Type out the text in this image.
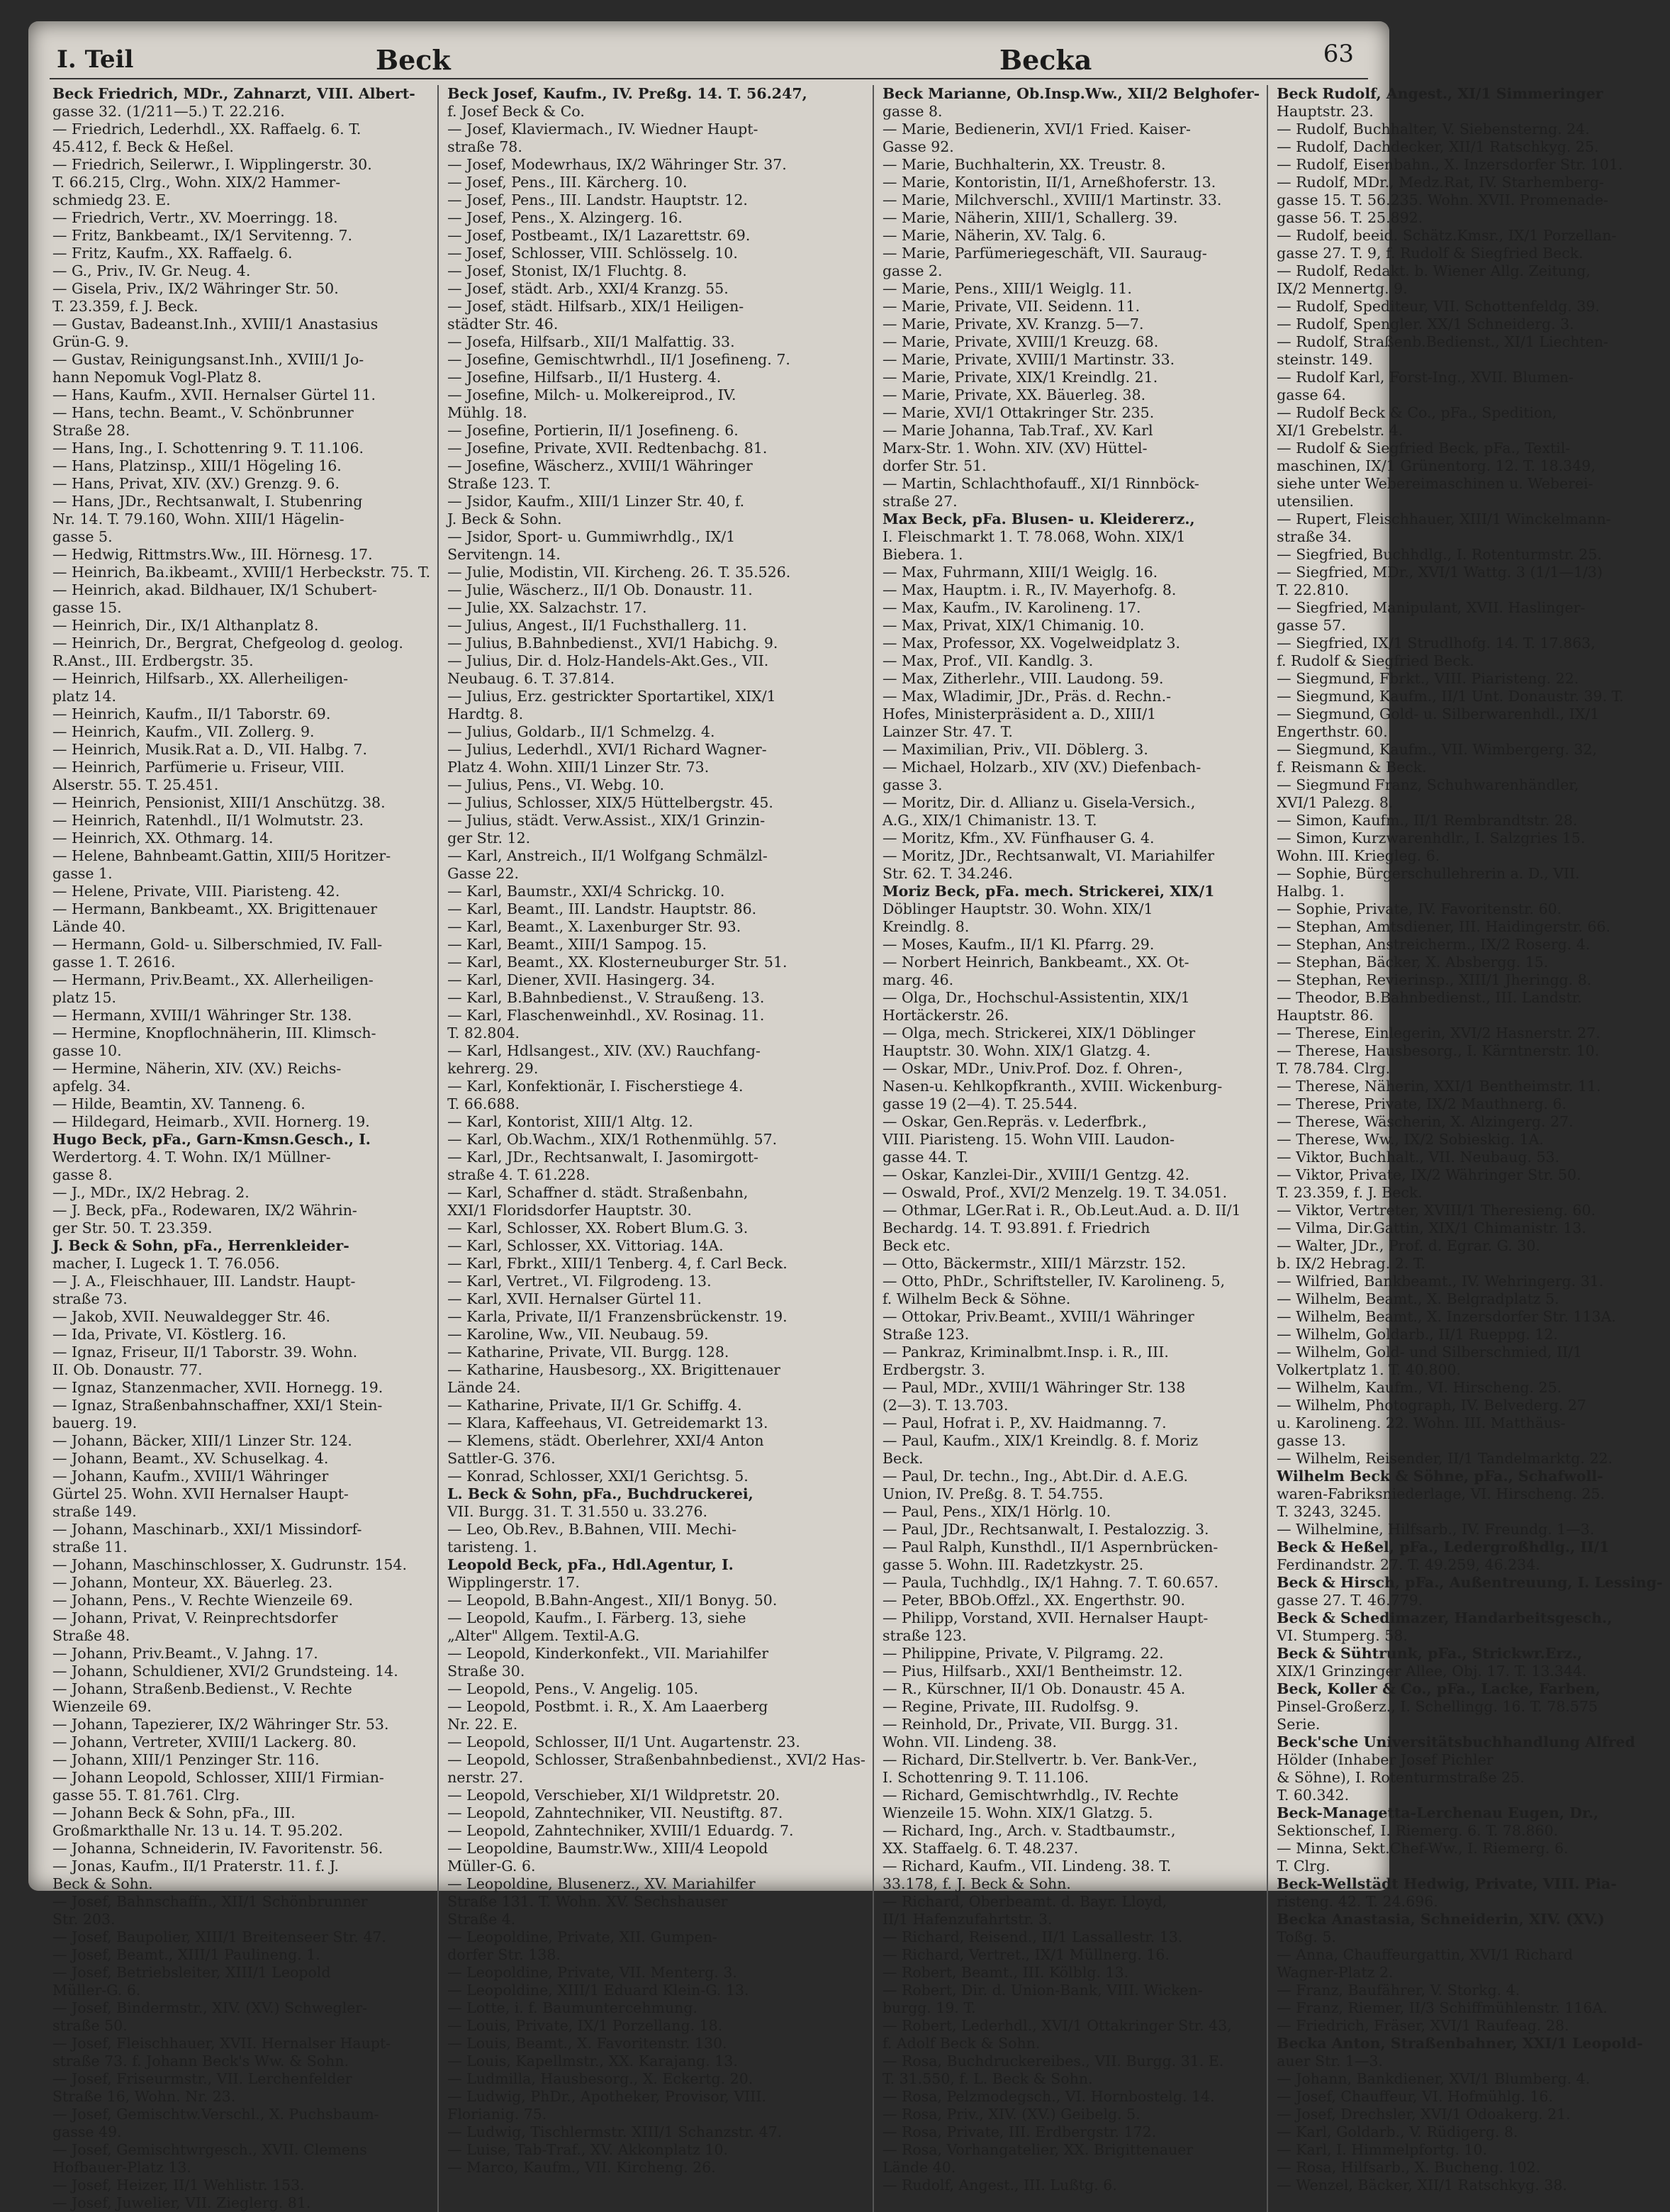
I. Teil	Beck	Becka	63
Beck Friedrich, MDr., Zahnarzt, VIII. Albert-
gasse 32. (1/211—5.) T. 22.216.
— Friedrich, Lederhdl., XX. Raffaelg. 6. T.
45.412, f. Beck & Heßel.
— Friedrich, Seilerwr., I. Wipplingerstr. 30.
T. 66.215, Clrg., Wohn. XIX/2 Hammer-
schmiedg 23. E.
— Friedrich, Vertr., XV. Moerringg. 18.
— Fritz, Bankbeamt., IX/1 Servitenng. 7.
— Fritz, Kaufm., XX. Raffaelg. 6.
— G., Priv., IV. Gr. Neug. 4.
— Gisela, Priv., IX/2 Währinger Str. 50.
T. 23.359, f. J. Beck.
— Gustav, Badeanst.Inh., XVIII/1 Anastasius
Grün-G. 9.
— Gustav, Reinigungsanst.Inh., XVIII/1 Jo-
hann Nepomuk Vogl-Platz 8.
— Hans, Kaufm., XVII. Hernalser Gürtel 11.
— Hans, techn. Beamt., V. Schönbrunner
Straße 28.
— Hans, Ing., I. Schottenring 9. T. 11.106.
— Hans, Platzinsp., XIII/1 Högeling 16.
— Hans, Privat, XIV. (XV.) Grenzg. 9. 6.
— Hans, JDr., Rechtsanwalt, I. Stubenring
Nr. 14. T. 79.160, Wohn. XIII/1 Hägelin-
gasse 5.
— Hedwig, Rittmstrs.Ww., III. Hörnesg. 17.
— Heinrich, Ba.ikbeamt., XVIII/1 Herbeckstr. 75. T.
— Heinrich, akad. Bildhauer, IX/1 Schubert-
gasse 15.
— Heinrich, Dir., IX/1 Althanplatz 8.
— Heinrich, Dr., Bergrat, Chefgeolog d. geolog.
R.Anst., III. Erdbergstr. 35.
— Heinrich, Hilfsarb., XX. Allerheiligen-
platz 14.
— Heinrich, Kaufm., II/1 Taborstr. 69.
— Heinrich, Kaufm., VII. Zollerg. 9.
— Heinrich, Musik.Rat a. D., VII. Halbg. 7.
— Heinrich, Parfümerie u. Friseur, VIII.
Alserstr. 55. T. 25.451.
— Heinrich, Pensionist, XIII/1 Anschützg. 38.
— Heinrich, Ratenhdl., II/1 Wolmutstr. 23.
— Heinrich, XX. Othmarg. 14.
— Helene, Bahnbeamt.Gattin, XIII/5 Horitzer-
gasse 1.
— Helene, Private, VIII. Piaristeng. 42.
— Hermann, Bankbeamt., XX. Brigittenauer
Lände 40.
— Hermann, Gold- u. Silberschmied, IV. Fall-
gasse 1. T. 2616.
— Hermann, Priv.Beamt., XX. Allerheiligen-
platz 15.
— Hermann, XVIII/1 Währinger Str. 138.
— Hermine, Knopflochnäherin, III. Klimsch-
gasse 10.
— Hermine, Näherin, XIV. (XV.) Reichs-
apfelg. 34.
— Hilde, Beamtin, XV. Tanneng. 6.
— Hildegard, Heimarb., XVII. Hornerg. 19.
Hugo Beck, pFa., Garn-Kmsn.Gesch., I.
Werdertorg. 4. T. Wohn. IX/1 Müllner-
gasse 8.
— J., MDr., IX/2 Hebrag. 2.
— J. Beck, pFa., Rodewaren, IX/2 Währin-
ger Str. 50. T. 23.359.
J. Beck & Sohn, pFa., Herrenkleider-
macher, I. Lugeck 1. T. 76.056.
— J. A., Fleischhauer, III. Landstr. Haupt-
straße 73.
— Jakob, XVII. Neuwaldegger Str. 46.
— Ida, Private, VI. Köstlerg. 16.
— Ignaz, Friseur, II/1 Taborstr. 39. Wohn.
II. Ob. Donaustr. 77.
— Ignaz, Stanzenmacher, XVII. Hornegg. 19.
— Ignaz, Straßenbahnschaffner, XXI/1 Stein-
bauerg. 19.
— Johann, Bäcker, XIII/1 Linzer Str. 124.
— Johann, Beamt., XV. Schuselkag. 4.
— Johann, Kaufm., XVIII/1 Währinger
Gürtel 25. Wohn. XVII Hernalser Haupt-
straße 149.
— Johann, Maschinarb., XXI/1 Missindorf-
straße 11.
— Johann, Maschinschlosser, X. Gudrunstr. 154.
— Johann, Monteur, XX. Bäuerleg. 23.
— Johann, Pens., V. Rechte Wienzeile 69.
— Johann, Privat, V. Reinprechtsdorfer
Straße 48.
— Johann, Priv.Beamt., V. Jahng. 17.
— Johann, Schuldiener, XVI/2 Grundsteing. 14.
— Johann, Straßenb.Bedienst., V. Rechte
Wienzeile 69.
— Johann, Tapezierer, IX/2 Währinger Str. 53.
— Johann, Vertreter, XVIII/1 Lackerg. 80.
— Johann, XIII/1 Penzinger Str. 116.
— Johann Leopold, Schlosser, XIII/1 Firmian-
gasse 55. T. 81.761. Clrg.
— Johann Beck & Sohn, pFa., III.
Großmarkthalle Nr. 13 u. 14. T. 95.202.
— Johanna, Schneiderin, IV. Favoritenstr. 56.
— Jonas, Kaufm., II/1 Praterstr. 11. f. J.
Beck & Sohn.
— Josef, Bahnschaffn., XII/1 Schönbrunner
Str. 203.
— Josef, Baupolier, XIII/1 Breitenseer Str. 47.
— Josef, Beamt., XIII/1 Paulineng. 1.
— Josef, Betriebsleiter, XIII/1 Leopold
Müller-G. 6.
— Josef, Bindermstr., XIV. (XV.) Schwegler-
straße 50.
— Josef, Fleischhauer, XVII. Hernalser Haupt-
straße 73. f. Johann Beck's Ww. & Sohn.
— Josef, Friseurmstr., VII. Lerchenfelder
Straße 16, Wohn. Nr. 23.
— Josef, Gemischtw.Verschl., X. Puchsbaum-
gasse 49.
— Josef, Gemischtwrgesch., XVII. Clemens
Hofbauer-Platz 13.
— Josef, Heizer, II/1 Wehlistr. 153.
— Josef, Juwelier, VII. Zieglerg. 81.
Beck Josef, Kaufm., IV. Preßg. 14. T. 56.247,
f. Josef Beck & Co.
— Josef, Klaviermach., IV. Wiedner Haupt-
straße 78.
— Josef, Modewrhaus, IX/2 Währinger Str. 37.
— Josef, Pens., III. Kärcherg. 10.
— Josef, Pens., III. Landstr. Hauptstr. 12.
— Josef, Pens., X. Alzingerg. 16.
— Josef, Postbeamt., IX/1 Lazarettstr. 69.
— Josef, Schlosser, VIII. Schlösselg. 10.
— Josef, Stonist, IX/1 Fluchtg. 8.
— Josef, städt. Arb., XXI/4 Kranzg. 55.
— Josef, städt. Hilfsarb., XIX/1 Heiligen-
städter Str. 46.
— Josefa, Hilfsarb., XII/1 Malfattig. 33.
— Josefine, Gemischtwrhdl., II/1 Josefineng. 7.
— Josefine, Hilfsarb., II/1 Husterg. 4.
— Josefine, Milch- u. Molkereiprod., IV.
Mühlg. 18.
— Josefine, Portierin, II/1 Josefineng. 6.
— Josefine, Private, XVII. Redtenbachg. 81.
— Josefine, Wäscherz., XVIII/1 Währinger
Straße 123. T.
— Jsidor, Kaufm., XIII/1 Linzer Str. 40, f.
J. Beck & Sohn.
— Jsidor, Sport- u. Gummiwrhdlg., IX/1
Servitengn. 14.
— Julie, Modistin, VII. Kircheng. 26. T. 35.526.
— Julie, Wäscherz., II/1 Ob. Donaustr. 11.
— Julie, XX. Salzachstr. 17.
— Julius, Angest., II/1 Fuchsthallerg. 11.
— Julius, B.Bahnbedienst., XVI/1 Habichg. 9.
— Julius, Dir. d. Holz-Handels-Akt.Ges., VII.
Neubaug. 6. T. 37.814.
— Julius, Erz. gestrickter Sportartikel, XIX/1
Hardtg. 8.
— Julius, Goldarb., II/1 Schmelzg. 4.
— Julius, Lederhdl., XVI/1 Richard Wagner-
Platz 4. Wohn. XIII/1 Linzer Str. 73.
— Julius, Pens., VI. Webg. 10.
— Julius, Schlosser, XIX/5 Hüttelbergstr. 45.
— Julius, städt. Verw.Assist., XIX/1 Grinzin-
ger Str. 12.
— Karl, Anstreich., II/1 Wolfgang Schmälzl-
Gasse 22.
— Karl, Baumstr., XXI/4 Schrickg. 10.
— Karl, Beamt., III. Landstr. Hauptstr. 86.
— Karl, Beamt., X. Laxenburger Str. 93.
— Karl, Beamt., XIII/1 Sampog. 15.
— Karl, Beamt., XX. Klosterneuburger Str. 51.
— Karl, Diener, XVII. Hasingerg. 34.
— Karl, B.Bahnbedienst., V. Straußeng. 13.
— Karl, Flaschenweinhdl., XV. Rosinag. 11.
T. 82.804.
— Karl, Hdlsangest., XIV. (XV.) Rauchfang-
kehrerg. 29.
— Karl, Konfektionär, I. Fischerstiege 4.
T. 66.688.
— Karl, Kontorist, XIII/1 Altg. 12.
— Karl, Ob.Wachm., XIX/1 Rothenmühlg. 57.
— Karl, JDr., Rechtsanwalt, I. Jasomirgott-
straße 4. T. 61.228.
— Karl, Schaffner d. städt. Straßenbahn,
XXI/1 Floridsdorfer Hauptstr. 30.
— Karl, Schlosser, XX. Robert Blum.G. 3.
— Karl, Schlosser, XX. Vittoriag. 14A.
— Karl, Fbrkt., XIII/1 Tenberg. 4, f. Carl Beck.
— Karl, Vertret., VI. Filgrodeng. 13.
— Karl, XVII. Hernalser Gürtel 11.
— Karla, Private, II/1 Franzensbrückenstr. 19.
— Karoline, Ww., VII. Neubaug. 59.
— Katharine, Private, VII. Burgg. 128.
— Katharine, Hausbesorg., XX. Brigittenauer
Lände 24.
— Katharine, Private, II/1 Gr. Schiffg. 4.
— Klara, Kaffeehaus, VI. Getreidemarkt 13.
— Klemens, städt. Oberlehrer, XXI/4 Anton
Sattler-G. 376.
— Konrad, Schlosser, XXI/1 Gerichtsg. 5.
L. Beck & Sohn, pFa., Buchdruckerei,
VII. Burgg. 31. T. 31.550 u. 33.276.
— Leo, Ob.Rev., B.Bahnen, VIII. Mechi-
taristeng. 1.
Leopold Beck, pFa., Hdl.Agentur, I.
Wipplingerstr. 17.
— Leopold, B.Bahn-Angest., XII/1 Bonyg. 50.
— Leopold, Kaufm., I. Färberg. 13, siehe
„Alter" Allgem. Textil-A.G.
— Leopold, Kinderkonfekt., VII. Mariahilfer
Straße 30.
— Leopold, Pens., V. Angelig. 105.
— Leopold, Postbmt. i. R., X. Am Laaerberg
Nr. 22. E.
— Leopold, Schlosser, II/1 Unt. Augartenstr. 23.
— Leopold, Schlosser, Straßenbahnbedienst., XVI/2 Has-
nerstr. 27.
— Leopold, Verschieber, XI/1 Wildpretstr. 20.
— Leopold, Zahntechniker, VII. Neustiftg. 87.
— Leopold, Zahntechniker, XVIII/1 Eduardg. 7.
— Leopoldine, Baumstr.Ww., XIII/4 Leopold
Müller-G. 6.
— Leopoldine, Blusenerz., XV. Mariahilfer
Straße 131. T. Wohn. XV. Sechshauser
Straße 4.
— Leopoldine, Private, XII. Gumpen-
dorfer Str. 138.
— Leopoldine, Private, VII. Menterg. 3.
— Leopoldine, XIII/1 Eduard Klein-G. 13.
— Lotte, i. f. Baumuntercehmung.
— Louis, Private, IX/1 Porzellang. 18.
— Louis, Beamt., X. Favoritenstr. 130.
— Louis, Kapellmstr., XX. Karajang. 13.
— Ludmilla, Hausbesorg., X. Eckertg. 20.
— Ludwig, PhDr., Apotheker, Provisor, VIII.
Florianig. 75.
— Ludwig, Tischlermstr. XIII/1 Schanzstr. 47.
— Luise, Tab-Traf., XV. Akkonplatz 10.
— Marco, Kaufm., VII. Kircheng. 26.
Beck Marianne, Ob.Insp.Ww., XII/2 Belghofer-
gasse 8.
— Marie, Bedienerin, XVI/1 Fried. Kaiser-
Gasse 92.
— Marie, Buchhalterin, XX. Treustr. 8.
— Marie, Kontoristin, II/1, Arneßhoferstr. 13.
— Marie, Milchverschl., XVIII/1 Martinstr. 33.
— Marie, Näherin, XIII/1, Schallerg. 39.
— Marie, Näherin, XV. Talg. 6.
— Marie, Parfümeriegeschäft, VII. Sauraug-
gasse 2.
— Marie, Pens., XIII/1 Weiglg. 11.
— Marie, Private, VII. Seidenn. 11.
— Marie, Private, XV. Kranzg. 5—7.
— Marie, Private, XVIII/1 Kreuzg. 68.
— Marie, Private, XVIII/1 Martinstr. 33.
— Marie, Private, XIX/1 Kreindlg. 21.
— Marie, Private, XX. Bäuerleg. 38.
— Marie, XVI/1 Ottakringer Str. 235.
— Marie Johanna, Tab.Traf., XV. Karl
Marx-Str. 1. Wohn. XIV. (XV) Hüttel-
dorfer Str. 51.
— Martin, Schlachthofauff., XI/1 Rinnböck-
straße 27.
Max Beck, pFa. Blusen- u. Kleidererz.,
I. Fleischmarkt 1. T. 78.068, Wohn. XIX/1
Biebera. 1.
— Max, Fuhrmann, XIII/1 Weiglg. 16.
— Max, Hauptm. i. R., IV. Mayerhofg. 8.
— Max, Kaufm., IV. Karolineng. 17.
— Max, Privat, XIX/1 Chimanig. 10.
— Max, Professor, XX. Vogelweidplatz 3.
— Max, Prof., VII. Kandlg. 3.
— Max, Zitherlehr., VIII. Laudong. 59.
— Max, Wladimir, JDr., Präs. d. Rechn.-
Hofes, Ministerpräsident a. D., XIII/1
Lainzer Str. 47. T.
— Maximilian, Priv., VII. Döblerg. 3.
— Michael, Holzarb., XIV (XV.) Diefenbach-
gasse 3.
— Moritz, Dir. d. Allianz u. Gisela-Versich.,
A.G., XIX/1 Chimanistr. 13. T.
— Moritz, Kfm., XV. Fünfhauser G. 4.
— Moritz, JDr., Rechtsanwalt, VI. Mariahilfer
Str. 62. T. 34.246.
Moriz Beck, pFa. mech. Strickerei, XIX/1
Döblinger Hauptstr. 30. Wohn. XIX/1
Kreindlg. 8.
— Moses, Kaufm., II/1 Kl. Pfarrg. 29.
— Norbert Heinrich, Bankbeamt., XX. Ot-
marg. 46.
— Olga, Dr., Hochschul-Assistentin, XIX/1
Hortäckerstr. 26.
— Olga, mech. Strickerei, XIX/1 Döblinger
Hauptstr. 30. Wohn. XIX/1 Glatzg. 4.
— Oskar, MDr., Univ.Prof. Doz. f. Ohren-,
Nasen-u. Kehlkopfkranth., XVIII. Wickenburg-
gasse 19 (2—4). T. 25.544.
— Oskar, Gen.Repräs. v. Lederfbrk.,
VIII. Piaristeng. 15. Wohn VIII. Laudon-
gasse 44. T.
— Oskar, Kanzlei-Dir., XVIII/1 Gentzg. 42.
— Oswald, Prof., XVI/2 Menzelg. 19. T. 34.051.
— Othmar, LGer.Rat i. R., Ob.Leut.Aud. a. D. II/1
Bechardg. 14. T. 93.891. f. Friedrich
Beck etc.
— Otto, Bäckermstr., XIII/1 Märzstr. 152.
— Otto, PhDr., Schriftsteller, IV. Karolineng. 5,
f. Wilhelm Beck & Söhne.
— Ottokar, Priv.Beamt., XVIII/1 Währinger
Straße 123.
— Pankraz, Kriminalbmt.Insp. i. R., III.
Erdbergstr. 3.
— Paul, MDr., XVIII/1 Währinger Str. 138
(2—3). T. 13.703.
— Paul, Hofrat i. P., XV. Haidmanng. 7.
— Paul, Kaufm., XIX/1 Kreindlg. 8. f. Moriz
Beck.
— Paul, Dr. techn., Ing., Abt.Dir. d. A.E.G.
Union, IV. Preßg. 8. T. 54.755.
— Paul, Pens., XIX/1 Hörlg. 10.
— Paul, JDr., Rechtsanwalt, I. Pestalozzig. 3.
— Paul Ralph, Kunsthdl., II/1 Aspernbrücken-
gasse 5. Wohn. III. Radetzkystr. 25.
— Paula, Tuchhdlg., IX/1 Hahng. 7. T. 60.657.
— Peter, BBOb.Offzl., XX. Engerthstr. 90.
— Philipp, Vorstand, XVII. Hernalser Haupt-
straße 123.
— Philippine, Private, V. Pilgramg. 22.
— Pius, Hilfsarb., XXI/1 Bentheimstr. 12.
— R., Kürschner, II/1 Ob. Donaustr. 45 A.
— Regine, Private, III. Rudolfsg. 9.
— Reinhold, Dr., Private, VII. Burgg. 31.
Wohn. VII. Lindeng. 38.
— Richard, Dir.Stellvertr. b. Ver. Bank-Ver.,
I. Schottenring 9. T. 11.106.
— Richard, Gemischtwrhdlg., IV. Rechte
Wienzeile 15. Wohn. XIX/1 Glatzg. 5.
— Richard, Ing., Arch. v. Stadtbaumstr.,
XX. Staffaelg. 6. T. 48.237.
— Richard, Kaufm., VII. Lindeng. 38. T.
33.178, f. J. Beck & Sohn.
— Richard, Oberbeamt. d. Bayr. Lloyd,
II/1 Hafenzufahrtstr. 3.
— Richard, Reisend., II/1 Lassallestr. 13.
— Richard, Vertret., IX/1 Müllnerg. 16.
— Robert, Beamt., III. Kölblg. 13.
— Robert, Dir. d. Union-Bank, VIII. Wicken-
burgg. 19. T.
— Robert, Lederhdl., XVI/1 Ottakringer Str. 43,
f. Adolf Beck & Sohn.
— Rosa, Buchdruckereibes., VII. Burgg. 31. E.
T. 31.550, f. L. Beck & Sohn.
— Rosa, Pelzmodegsch., VI. Hornbostelg. 14.
— Rosa, Priv., XIV. (XV.) Geibelg. 5.
— Rosa, Private, III. Erdbergstr. 172.
— Rosa, Vorhangatelier, XX. Brigittenauer
Lände 40.
— Rudolf, Angest., III. Lußtg. 6.
Beck Rudolf, Angest., XI/1 Simmeringer
Hauptstr. 23.
— Rudolf, Buchhalter, V. Siebensterng. 24.
— Rudolf, Dachdecker, XII/1 Ratschkyg. 25.
— Rudolf, Eisenbahn., X. Inzersdorfer Str. 101.
— Rudolf, MDr., Medz.Rat, IV. Starhemberg-
gasse 15. T. 56.235. Wohn. XVII. Promenade-
gasse 56. T. 25.892.
— Rudolf, beeid. Schätz.Kmsr., IX/1 Porzellan-
gasse 27. T. 9, f. Rudolf & Siegfried Beck.
— Rudolf, Redakt. b. Wiener Allg. Zeitung,
IX/2 Mennertg. 9.
— Rudolf, Spediteur, VII. Schottenfeldg. 39.
— Rudolf, Spengler. XX/1 Schneiderg. 3.
— Rudolf, Straßenb.Bedienst., XI/1 Liechten-
steinstr. 149.
— Rudolf Karl, Forst-Ing., XVII. Blumen-
gasse 64.
— Rudolf Beck & Co., pFa., Spedition,
XI/1 Grebelstr. 4.
— Rudolf & Siegfried Beck, pFa., Textil-
maschinen, IX/1 Grünentorg. 12. T. 18.349,
siehe unter Webereimaschinen u. Weberei-
utensilien.
— Rupert, Fleischhauer, XIII/1 Winckelmann-
straße 34.
— Siegfried, Buchhdlg., I. Rotenturmstr. 25.
— Siegfried, MDr., XVI/1 Wattg. 3 (1/1—1/3)
T. 22.810.
— Siegfried, Manipulant, XVII. Haslinger-
gasse 57.
— Siegfried, IX/1 Strudlhofg. 14. T. 17.863,
f. Rudolf & Siegfried Beck.
— Siegmund, Fbrkt., VIII. Piaristeng. 22.
— Siegmund, Kaufm., II/1 Unt. Donaustr. 39. T.
— Siegmund, Gold- u. Silberwarenhdl., IX/1
Engerthstr. 60.
— Siegmund, Kaufm., VII. Wimbergerg. 32,
f. Reismann & Beck.
— Siegmund Franz, Schuhwarenhändler,
XVI/1 Palezg. 8.
— Simon, Kaufm., II/1 Rembrandtstr. 28.
— Simon, Kurzwarenhdlr., I. Salzgries 15.
Wohn. III. Kriegleg. 6.
— Sophie, Bürgerschullehrerin a. D., VII.
Halbg. 1.
— Sophie, Private, IV. Favoritenstr. 60.
— Stephan, Amtsdiener, III. Haidingerstr. 66.
— Stephan, Anstreicherm., IX/2 Roserg. 4.
— Stephan, Bäcker, X. Absbergg. 15.
— Stephan, Revierinsp., XIII/1 Jheringg. 8.
— Theodor, B.Bahnbedienst., III. Landstr.
Hauptstr. 86.
— Therese, Einlegerin, XVI/2 Hasnerstr. 27.
— Therese, Hausbesorg., I. Kärntnerstr. 10.
T. 78.784. Clrg.
— Therese, Näherin, XXI/1 Bentheimstr. 11.
— Therese, Private, IX/2 Mauthnerg. 6.
— Therese, Wäscherin, X. Alzingerg. 27.
— Therese, Ww., IX/2 Sobieskig. 1A.
— Viktor, Buchhalt., VII. Neubaug. 53.
— Viktor, Private, IX/2 Währinger Str. 50.
T. 23.359, f. J. Beck.
— Viktor, Vertreter, XVIII/1 Theresieng. 60.
— Vilma, Dir.Gattin, XIX/1 Chimanistr. 13.
— Walter, JDr., Prof. d. Egrar. G. 30.
b. IX/2 Hebrag. 2. T.
— Wilfried, Bankbeamt., IV. Wehringerg. 31.
— Wilhelm, Beamt., X. Belgradplatz 5.
— Wilhelm, Beamt., X. Inzersdorfer Str. 113A.
— Wilhelm, Goldarb., II/1 Rueppg. 12.
— Wilhelm, Gold- und Silberschmied, II/1
Volkertplatz 1. T. 40.800.
— Wilhelm, Kaufm., VI. Hirscheng. 25.
— Wilhelm, Photograph, IV. Belvederg. 27
u. Karolineng. 22. Wohn. III. Matthäus-
gasse 13.
— Wilhelm, Reisender, II/1 Tandelmarktg. 22.
Wilhelm Beck & Söhne, pFa., Schafwoll-
waren-Fabriksniederlage, VI. Hirscheng. 25.
T. 3243, 3245.
— Wilhelmine, Hilfsarb., IV. Freundg. 1—3.
Beck & Heßel, pFa., Ledergroßhdlg., II/1
Ferdinandstr. 27. T. 49.259, 46.234.
Beck & Hirsch, pFa., Außentreuung, I. Lessing-
gasse 27. T. 46.779.
Beck & Schedimazer, Handarbeitsgesch.,
VI. Stumperg. 58.
Beck & Sühtrunk, pFa., Strickwr.Erz.,
XIX/1 Grinzinger Allee, Obj. 17. T. 13.344.
Beck, Koller & Co., pFa., Lacke, Farben,
Pinsel-Großerz., I. Schellingg. 16. T. 78.575
Serie.
Beck'sche Universitätsbuchhandlung Alfred
Hölder (Inhaber Josef Pichler
& Söhne), I. Rotenturmstraße 25.
T. 60.342.
Beck-Managetta-Lerchenau Eugen, Dr.,
Sektionschef, I. Riemerg. 6. T. 78.860.
— Minna, Sekt.Chef-Ww., I. Riemerg. 6.
T. Clrg.
Beck-Wellstädt Hedwig, Private, VIII. Pia-
risteng. 42. T. 24.696.
Becka Anastasia, Schneiderin, XIV. (XV.)
Toßg. 5.
— Anna, Chauffeurgattin, XVI/1 Richard
Wagner-Platz 2.
— Franz, Baufährer, V. Storkg. 4.
— Franz, Riemer, II/3 Schiffmühlenstr. 116A.
— Friedrich, Fräser, XVI/1 Raufeag. 28.
Becka Anton, Straßenbahner, XXI/1 Leopold-
auer Str. 1—3.
— Johann, Bankdiener, XVI/1 Blumberg. 4.
— Josef, Chauffeur, VI. Hofmühlg. 16.
— Josef, Drechsler, XVI/1 Odoakerg. 21.
— Karl, Goldarb., V. Rüdigerg. 8.
— Karl, I. Himmelpfortg. 10.
— Rosa, Hilfsarb., X. Bucheng. 102.
— Wenzel, Bäcker, XII/1 Ratschkyg. 38.
